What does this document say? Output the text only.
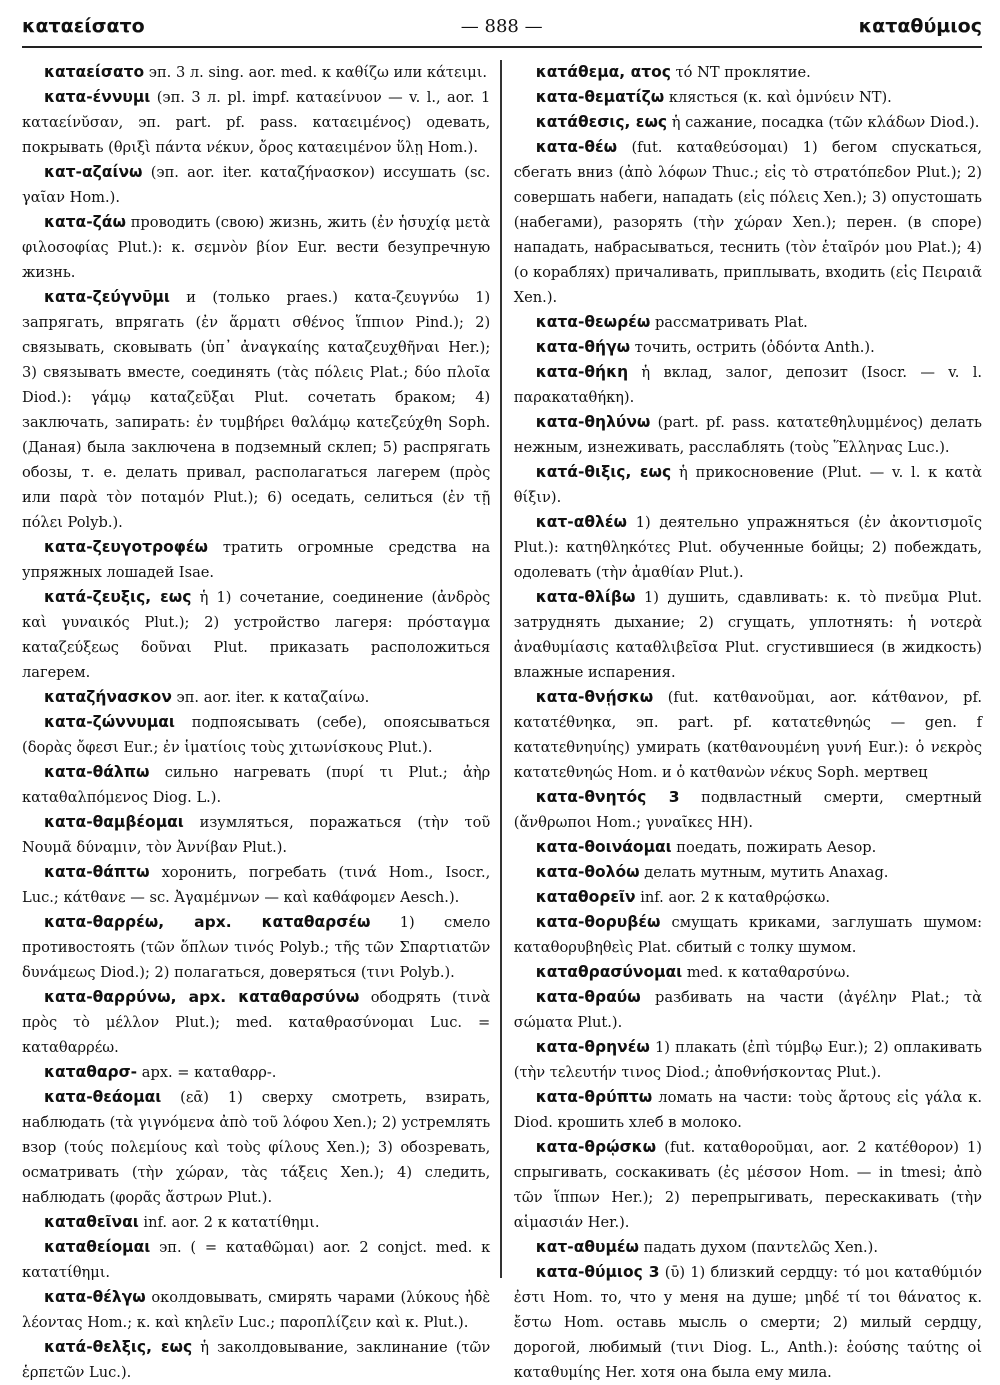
καταείσατο	— 888 —	καταθύμιος

καταείσατο эп. 3 л. sing. aor. med. к καθίζω или κάτειμι.

κατα-έννυμι (эп. 3 л. pl. impf. καταείνυον — v. l., aor. 1 καταείνῠσαν, эп. part. pf. pass. καταειμένος) одевать, покрывать (θριξὶ πάντα νέκυν, ὄρος καταειμένον ὕλῃ Hom.).

κατ-αζαίνω (эп. aor. iter. καταζήνασκον) иссушать (sc. γαῖαν Hom.).

κατα-ζάω проводить (свою) жизнь, жить (ἐν ἡσυχίᾳ μετὰ φιλοσοφίας Plut.): κ. σεμνὸν βίον Eur. вести безупречную жизнь.

κατα-ζεύγνῡμι и (только praes.) κατα-ζευγνύω 1) запрягать, впрягать (ἐν ἅρματι σθένος ἵππιον Pind.); 2) связывать, сковывать (ὑπ᾿ ἀναγκαίης καταζευχθῆναι Her.); 3) связывать вместе, соединять (τὰς πόλεις Plat.; δύο πλοῖα Diod.): γάμῳ καταζεῦξαι Plut. сочетать браком; 4) заключать, запирать: ἐν τυμβήρει θαλάμῳ κατεζεύχθη Soph. (Даная) была заключена в подземный склеп; 5) распрягать обозы, т. е. делать привал, располагаться лагерем (πρὸς или παρὰ τὸν ποταμόν Plut.); 6) оседать, селиться (ἐν τῇ πόλει Polyb.).

κατα-ζευγοτροφέω тратить огромные средства на упряжных лошадей Isae.

κατά-ζευξις, εως ἡ 1) сочетание, соединение (ἀνδρὸς καὶ γυναικός Plut.); 2) устройство лагеря: πρόσταγμα καταζεύξεως δοῦναι Plut. приказать расположиться лагерем.

καταζήνασκον эп. aor. iter. к καταζαίνω.

κατα-ζώννυμαι подпоясывать (себе), опоясываться (δορὰς ὄφεσι Eur.; ἐν ἱματίοις τοὺς χιτωνίσκους Plut.).

κατα-θάλπω сильно нагревать (πυρί τι Plut.; ἀὴρ καταθαλπόμενος Diog. L.).

κατα-θαμβέομαι изумляться, поражаться (τὴν τοῦ Νουμᾶ δύναμιν, τὸν Ἀννίβαν Plut.).

κατα-θάπτω хоронить, погребать (τινά Hom., Isocr., Luc.; κάτθανε — sc. Ἀγαμέμνων — καὶ καθάφομεν Aesch.).

κατα-θαρρέω, арх. καταθαρσέω 1) смело противостоять (τῶν ὅπλων τινός Polyb.; τῆς τῶν Σπαρτιατῶν δυνάμεως Diod.); 2) полагаться, доверяться (τινι Polyb.).

κατα-θαρρύνω, арх. καταθαρσύνω ободрять (τινὰ πρὸς τὸ μέλλον Plut.); med. καταθρασύνομαι Luc. = καταθαρρέω.

καταθαρσ- арх. = καταθαρρ-.

κατα-θεάομαι (εᾱ) 1) сверху смотреть, взирать, наблюдать (τὰ γιγνόμενα ἀπὸ τοῦ λόφου Xen.); 2) устремлять взор (τούς πολεμίους καὶ τοὺς φίλους Xen.); 3) обозревать, осматривать (τὴν χώραν, τὰς τάξεις Xen.); 4) следить, наблюдать (φορᾶς ἄστρων Plut.).

καταθεῖναι inf. aor. 2 к κατατίθημι.

καταθείομαι эп. ( = καταθῶμαι) aor. 2 conjct. med. к κατατίθημι.

κατα-θέλγω околдовывать, смирять чарами (λύκους ἠδὲ λέοντας Hom.; κ. καὶ κηλεῖν Luc.; παροπλίζειν καὶ κ. Plut.).

κατά-θελξις, εως ἡ заколдовывание, заклинание (τῶν ἑρπετῶν Luc.).

κατάθεμα, ατος τό NT проклятие.

κατα-θεματίζω клясться (κ. καὶ ὀμνύειν NT).

κατάθεσις, εως ἡ сажание, посадка (τῶν κλάδων Diod.).

κατα-θέω (fut. καταθεύσομαι) 1) бегом спускаться, сбегать вниз (ἀπὸ λόφων Thuc.; εἰς τὸ στρατόπεδον Plut.); 2) совершать набеги, нападать (εἰς πόλεις Xen.); 3) опустошать (набегами), разорять (τὴν χώραν Xen.); перен. (в споре) нападать, набрасываться, теснить (τὸν ἑταῖρόν μου Plat.); 4) (о кораблях) причаливать, приплывать, входить (εἰς Πειραιᾶ Xen.).

κατα-θεωρέω рассматривать Plat.

κατα-θήγω точить, острить (ὀδόντα Anth.).

κατα-θήκη ἡ вклад, залог, депозит (Isocr. — v. l. παρακαταθήκη).

κατα-θηλύνω (part. pf. pass. κατατεθηλυμμένος) делать нежным, изнеживать, расслаблять (τοὺς Ἕλληνας Luc.).

κατά-θιξις, εως ἡ прикосновение (Plut. — v. l. к κατὰ θίξιν).

κατ-αθλέω 1) деятельно упражняться (ἐν ἀκοντισμοῖς Plut.): κατηθληκότες Plut. обученные бойцы; 2) побеждать, одолевать (τὴν ἀμαθίαν Plut.).

κατα-θλίβω 1) душить, сдавливать: κ. τὸ πνεῦμα Plut. затруднять дыхание; 2) сгущать, уплотнять: ἡ νοτερὰ ἀναθυμίασις καταθλιβεῖσα Plut. сгустившиеся (в жидкость) влажные испарения.

κατα-θνῄσκω (fut. κατθανοῦμαι, aor. κάτθανον, pf. κατατέθνηκα, эп. part. pf. κατατεθνηώς — gen. f κατατεθνηυίης) умирать (κατθανουμένη γυνή Eur.): ὁ νεκρὸς κατατεθνηώς Hom. и ὁ κατθανὼν νέκυς Soph. мертвец

κατα-θνητός 3 подвластный смерти, смертный (ἄνθρωποι Hom.; γυναῖκες HH).

κατα-θοινάομαι поедать, пожирать Aesop.

κατα-θολόω делать мутным, мутить Anaxag.

καταθορεῖν inf. aor. 2 к καταθρῴσκω.

κατα-θορυβέω смущать криками, заглушать шумом: καταθορυβηθεὶς Plat. сбитый с толку шумом.

καταθρασύνομαι med. к καταθαρσύνω.

κατα-θραύω разбивать на части (ἀγέλην Plat.; τὰ σώματα Plut.).

κατα-θρηνέω 1) плакать (ἐπὶ τύμβῳ Eur.); 2) оплакивать (τὴν τελευτήν τινος Diod.; ἀποθνήσκοντας Plut.).

κατα-θρύπτω ломать на части: τοὺς ἄρτους εἰς γάλα κ. Diod. крошить хлеб в молоко.

κατα-θρῴσκω (fut. καταθοροῦμαι, aor. 2 κατέθορον) 1) спрыгивать, соскакивать (ἐς μέσσον Hom. — in tmesi; ἀπὸ τῶν ἵππων Her.); 2) перепрыгивать, перескакивать (τὴν αἱμασιάν Her.).

κατ-αθυμέω падать духом (παντελῶς Xen.).

κατα-θύμιος 3 (ῡ) 1) близкий сердцу: τό μοι καταθύμιόν ἐστι Hom. то, что у меня на душе; μηδέ τί τοι θάνατος κ. ἔστω Hom. оставь мысль о смерти; 2) милый сердцу, дорогой, любимый (τινι Diog. L., Anth.): ἐούσης ταύτης οἱ καταθυμίης Her. хотя она была ему мила.
